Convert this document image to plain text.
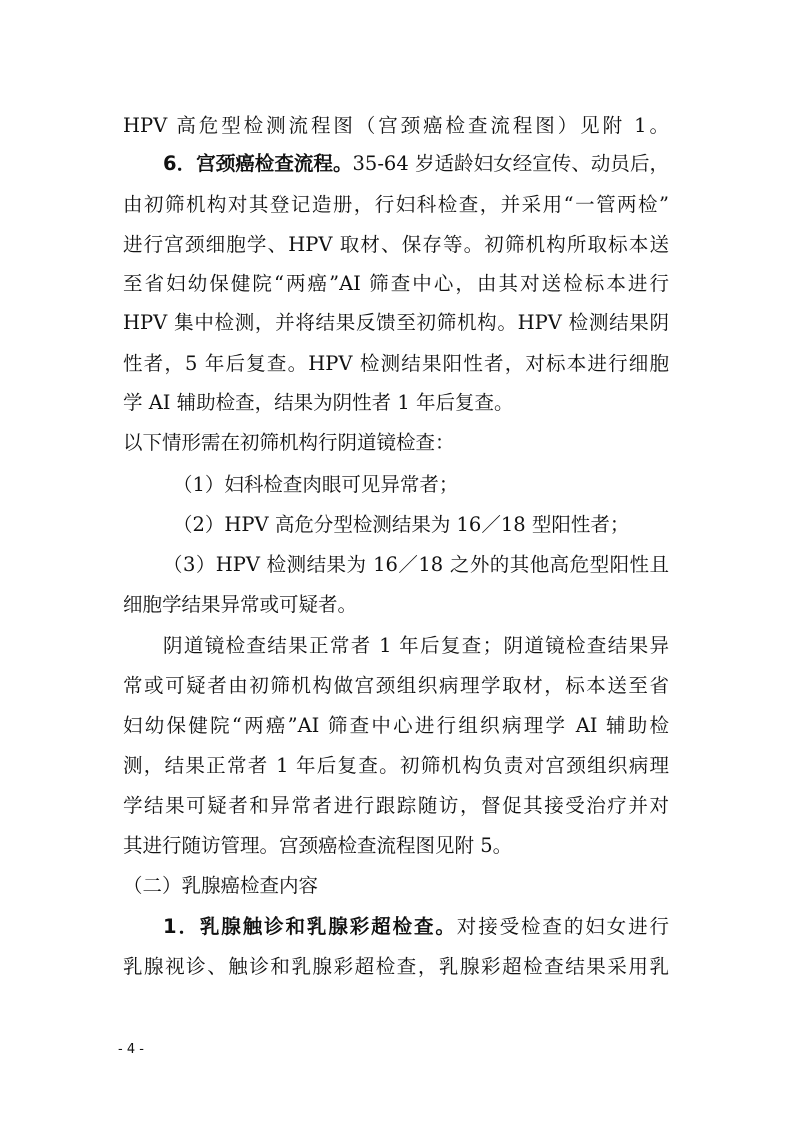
HPV 高危型检测流程图（宫颈癌检查流程图）见附 1。
6．宫颈癌检查流程。35-64 岁适龄妇女经宣传、动员后，
由初筛机构对其登记造册，行妇科检查，并采用“一管两检”
进行宫颈细胞学、HPV 取材、保存等。初筛机构所取标本送
至省妇幼保健院“两癌”AI 筛查中心，由其对送检标本进行
HPV 集中检测，并将结果反馈至初筛机构。HPV 检测结果阴
性者，5 年后复查。HPV 检测结果阳性者，对标本进行细胞
学 AI 辅助检查，结果为阴性者 1 年后复查。
以下情形需在初筛机构行阴道镜检查：
（1）妇科检查肉眼可见异常者；
（2）HPV 高危分型检测结果为 16／18 型阳性者；
（3）HPV 检测结果为 16／18 之外的其他高危型阳性且
细胞学结果异常或可疑者。
阴道镜检查结果正常者 1 年后复查；阴道镜检查结果异
常或可疑者由初筛机构做宫颈组织病理学取材，标本送至省
妇幼保健院“两癌”AI 筛查中心进行组织病理学 AI 辅助检
测，结果正常者 1 年后复查。初筛机构负责对宫颈组织病理
学结果可疑者和异常者进行跟踪随访，督促其接受治疗并对
其进行随访管理。宫颈癌检查流程图见附 5。
（二）乳腺癌检查内容
1．乳腺触诊和乳腺彩超检查。对接受检查的妇女进行
乳腺视诊、触诊和乳腺彩超检查，乳腺彩超检查结果采用乳
- 4 -
